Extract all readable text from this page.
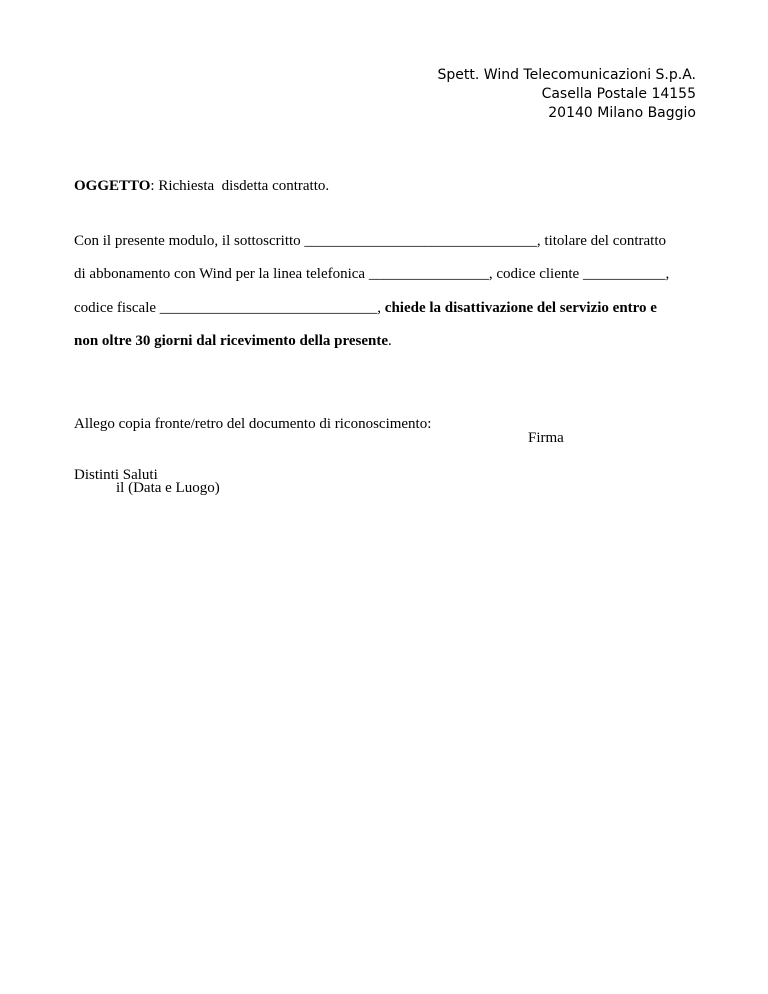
Spett. Wind Telecomunicazioni S.p.A.
Casella Postale 14155
20140 Milano Baggio
OGGETTO: Richiesta  disdetta contratto.
Con il presente modulo, il sottoscritto _______________________________, titolare del contratto
di abbonamento con Wind per la linea telefonica ________________, codice cliente ___________,
codice fiscale _____________________________, chiede la disattivazione del servizio entro e
non oltre 30 giorni dal ricevimento della presente.

Allego copia fronte/retro del documento di riconoscimento:

Distinti Saluti

Firma
il (Data e Luogo)
